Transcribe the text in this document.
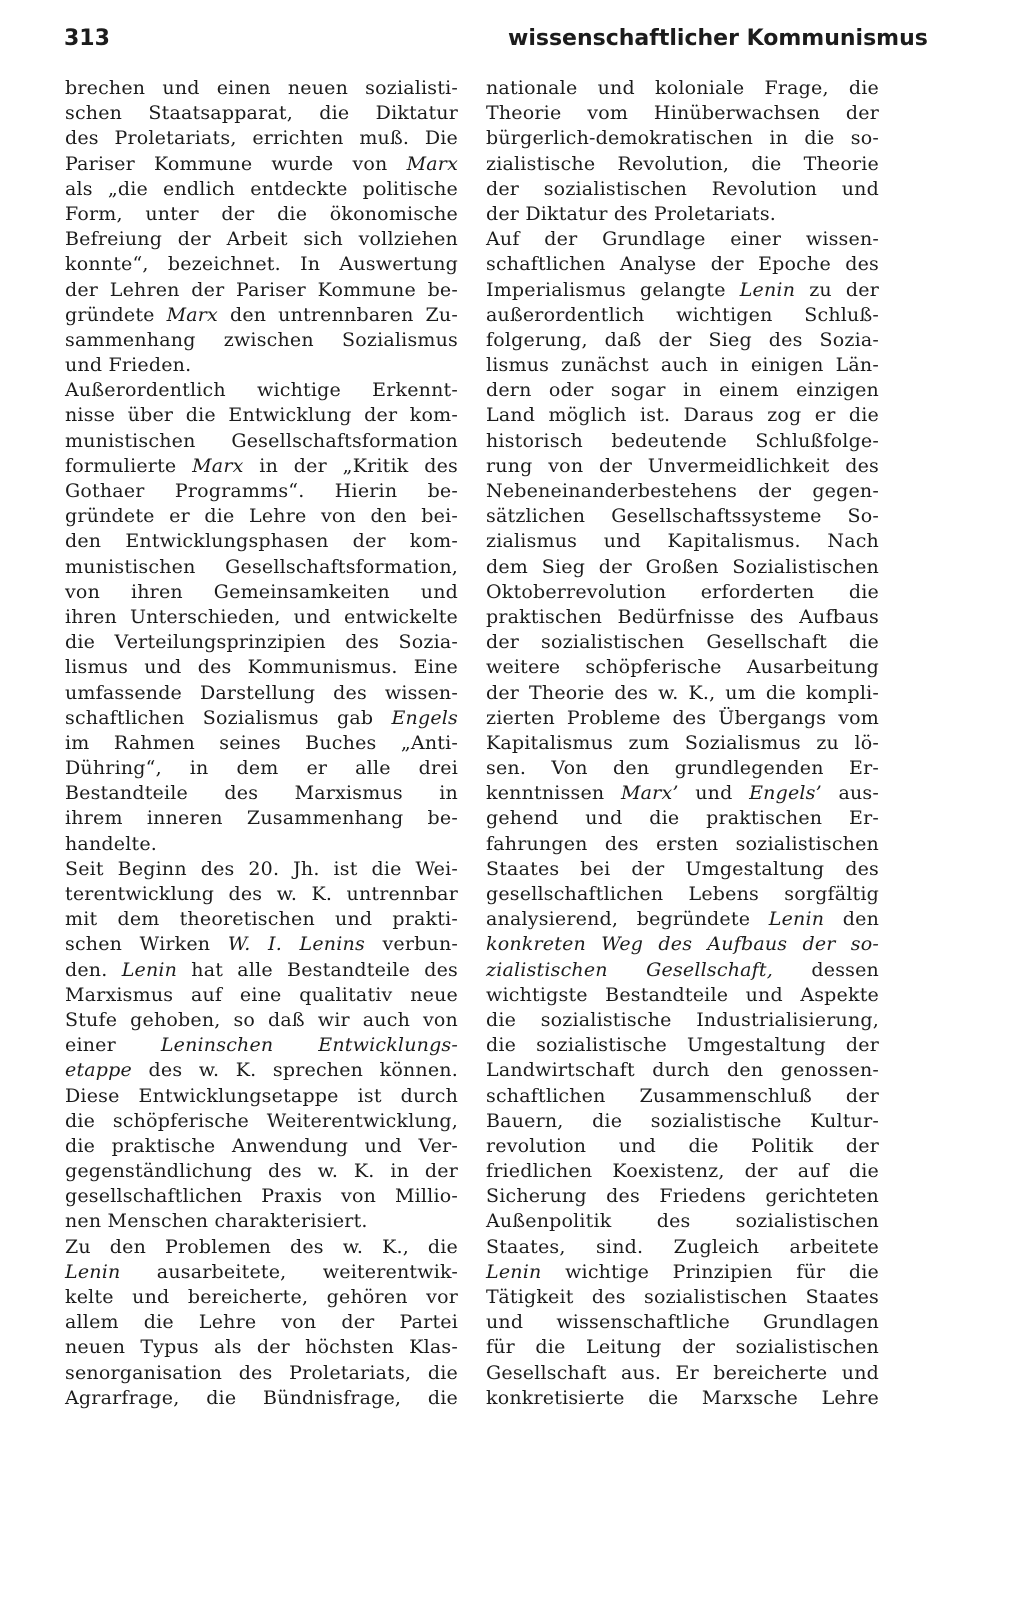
313	wissenschaftlicher Kommunismus
brechen und einen neuen sozialisti-
schen Staatsapparat, die Diktatur
des Proletariats, errichten muß. Die
Pariser Kommune wurde von Marx
als „die endlich entdeckte politische
Form, unter der die ökonomische
Befreiung der Arbeit sich vollziehen
konnte“, bezeichnet. In Auswertung
der Lehren der Pariser Kommune be-
gründete Marx den untrennbaren Zu-
sammenhang zwischen Sozialismus
und Frieden.
Außerordentlich wichtige Erkennt-
nisse über die Entwicklung der kom-
munistischen Gesellschaftsformation
formulierte Marx in der „Kritik des
Gothaer Programms“. Hierin be-
gründete er die Lehre von den bei-
den Entwicklungsphasen der kom-
munistischen Gesellschaftsformation,
von ihren Gemeinsamkeiten und
ihren Unterschieden, und entwickelte
die Verteilungsprinzipien des Sozia-
lismus und des Kommunismus. Eine
umfassende Darstellung des wissen-
schaftlichen Sozialismus gab Engels
im Rahmen seines Buches „Anti-
Dühring“, in dem er alle drei
Bestandteile des Marxismus in
ihrem inneren Zusammenhang be-
handelte.
Seit Beginn des 20. Jh. ist die Wei-
terentwicklung des w. K. untrennbar
mit dem theoretischen und prakti-
schen Wirken W. I. Lenins verbun-
den. Lenin hat alle Bestandteile des
Marxismus auf eine qualitativ neue
Stufe gehoben, so daß wir auch von
einer Leninschen Entwicklungs-
etappe des w. K. sprechen können.
Diese Entwicklungsetappe ist durch
die schöpferische Weiterentwicklung,
die praktische Anwendung und Ver-
gegenständlichung des w. K. in der
gesellschaftlichen Praxis von Millio-
nen Menschen charakterisiert.
Zu den Problemen des w. K., die
Lenin ausarbeitete, weiterentwik-
kelte und bereicherte, gehören vor
allem die Lehre von der Partei
neuen Typus als der höchsten Klas-
senorganisation des Proletariats, die
Agrarfrage, die Bündnisfrage, die
nationale und koloniale Frage, die
Theorie vom Hinüberwachsen der
bürgerlich-demokratischen in die so-
zialistische Revolution, die Theorie
der sozialistischen Revolution und
der Diktatur des Proletariats.
Auf der Grundlage einer wissen-
schaftlichen Analyse der Epoche des
Imperialismus gelangte Lenin zu der
außerordentlich wichtigen Schluß-
folgerung, daß der Sieg des Sozia-
lismus zunächst auch in einigen Län-
dern oder sogar in einem einzigen
Land möglich ist. Daraus zog er die
historisch bedeutende Schlußfolge-
rung von der Unvermeidlichkeit des
Nebeneinanderbestehens der gegen-
sätzlichen Gesellschaftssysteme So-
zialismus und Kapitalismus. Nach
dem Sieg der Großen Sozialistischen
Oktoberrevolution erforderten die
praktischen Bedürfnisse des Aufbaus
der sozialistischen Gesellschaft die
weitere schöpferische Ausarbeitung
der Theorie des w. K., um die kompli-
zierten Probleme des Übergangs vom
Kapitalismus zum Sozialismus zu lö-
sen. Von den grundlegenden Er-
kenntnissen Marx’ und Engels’ aus-
gehend und die praktischen Er-
fahrungen des ersten sozialistischen
Staates bei der Umgestaltung des
gesellschaftlichen Lebens sorgfältig
analysierend, begründete Lenin den
konkreten Weg des Aufbaus der so-
zialistischen Gesellschaft, dessen
wichtigste Bestandteile und Aspekte
die sozialistische Industrialisierung,
die sozialistische Umgestaltung der
Landwirtschaft durch den genossen-
schaftlichen Zusammenschluß der
Bauern, die sozialistische Kultur-
revolution und die Politik der
friedlichen Koexistenz, der auf die
Sicherung des Friedens gerichteten
Außenpolitik des sozialistischen
Staates, sind. Zugleich arbeitete
Lenin wichtige Prinzipien für die
Tätigkeit des sozialistischen Staates
und wissenschaftliche Grundlagen
für die Leitung der sozialistischen
Gesellschaft aus. Er bereicherte und
konkretisierte die Marxsche Lehre
